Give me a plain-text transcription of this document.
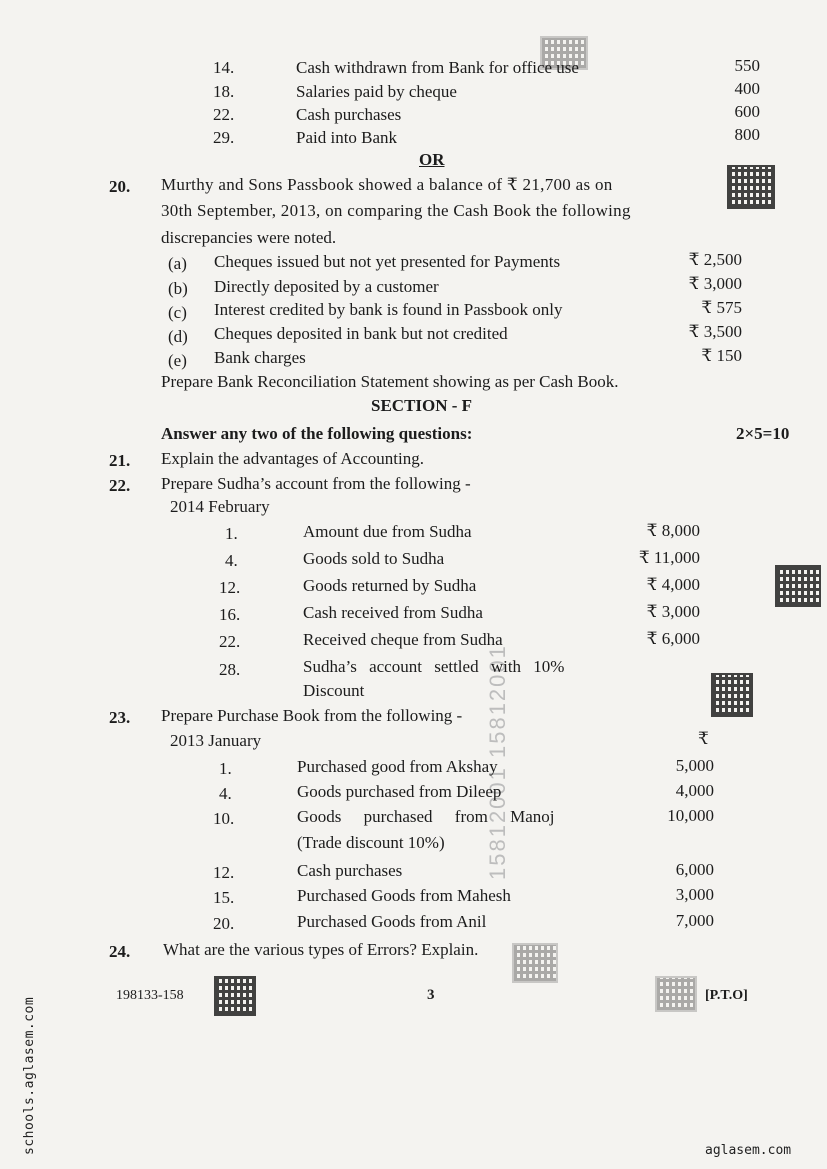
15812001 15812001
14.	Cash withdrawn from Bank for office use	550
18.	Salaries paid by cheque	400
22.	Cash purchases	600
29.	Paid into Bank	800
OR
20. Murthy and Sons Passbook showed a balance of ₹ 21,700 as on
30th September, 2013, on comparing the Cash Book the following
discrepancies were noted.
(a) Cheques issued but not yet presented for Payments	₹ 2,500
(b) Directly deposited by a customer	₹ 3,000
(c) Interest credited by bank is found in Passbook only	₹ 575
(d) Cheques deposited in bank but not credited	₹ 3,500
(e) Bank charges	₹ 150
Prepare Bank Reconciliation Statement showing as per Cash Book.
SECTION - F
Answer any two of the following questions:	2×5=10
21. Explain the advantages of Accounting.
22. Prepare Sudha’s account from the following -
2014 February
1.	Amount due from Sudha	₹ 8,000
4.	Goods sold to Sudha	₹ 11,000
12.	Goods returned by Sudha	₹ 4,000
16.	Cash received from Sudha	₹ 3,000
22.	Received cheque from Sudha	₹ 6,000
28.	Sudha’s account settled with 10%
Discount
23. Prepare Purchase Book from the following -
2013 January	₹
1.	Purchased good from Akshay	5,000
4.	Goods purchased from Dileep	4,000
10.	Goods purchased from Manoj	10,000
(Trade discount 10%)
12.	Cash purchases	6,000
15.	Purchased Goods from Mahesh	3,000
20.	Purchased Goods from Anil	7,000
24. What are the various types of Errors? Explain.
198133-158	3	[P.T.O]
schools.aglasem.com	aglasem.com
